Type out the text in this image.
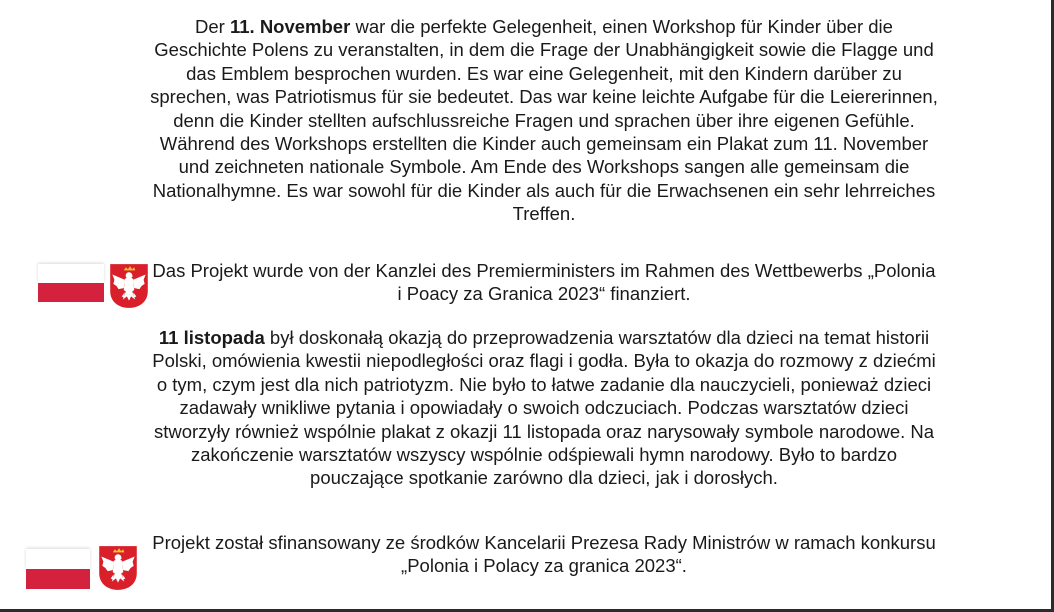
Der 11. November war die perfekte Gelegenheit, einen Workshop für Kinder über die Geschichte Polens zu veranstalten, in dem die Frage der Unabhängigkeit sowie die Flagge und das Emblem besprochen wurden. Es war eine Gelegenheit, mit den Kindern darüber zu sprechen, was Patriotismus für sie bedeutet. Das war keine leichte Aufgabe für die Leiererinnen, denn die Kinder stellten aufschlussreiche Fragen und sprachen über ihre eigenen Gefühle. Während des Workshops erstellten die Kinder auch gemeinsam ein Plakat zum 11. November und zeichneten nationale Symbole. Am Ende des Workshops sangen alle gemeinsam die Nationalhymne. Es war sowohl für die Kinder als auch für die Erwachsenen ein sehr lehrreiches Treffen.

Das Projekt wurde von der Kanzlei des Premierministers im Rahmen des Wettbewerbs „Polonia i Poacy za Granica 2023“ finanziert.

11 listopada był doskonałą okazją do przeprowadzenia warsztatów dla dzieci na temat historii Polski, omówienia kwestii niepodległości oraz flagi i godła. Była to okazja do rozmowy z dziećmi o tym, czym jest dla nich patriotyzm. Nie było to łatwe zadanie dla nauczycieli, ponieważ dzieci zadawały wnikliwe pytania i opowiadały o swoich odczuciach. Podczas warsztatów dzieci stworzyły również wspólnie plakat z okazji 11 listopada oraz narysowały symbole narodowe. Na zakończenie warsztatów wszyscy wspólnie odśpiewali hymn narodowy. Było to bardzo pouczające spotkanie zarówno dla dzieci, jak i dorosłych.

Projekt został sfinansowany ze środków Kancelarii Prezesa Rady Ministrów w ramach konkursu „Polonia i Polacy za granica 2023“.
